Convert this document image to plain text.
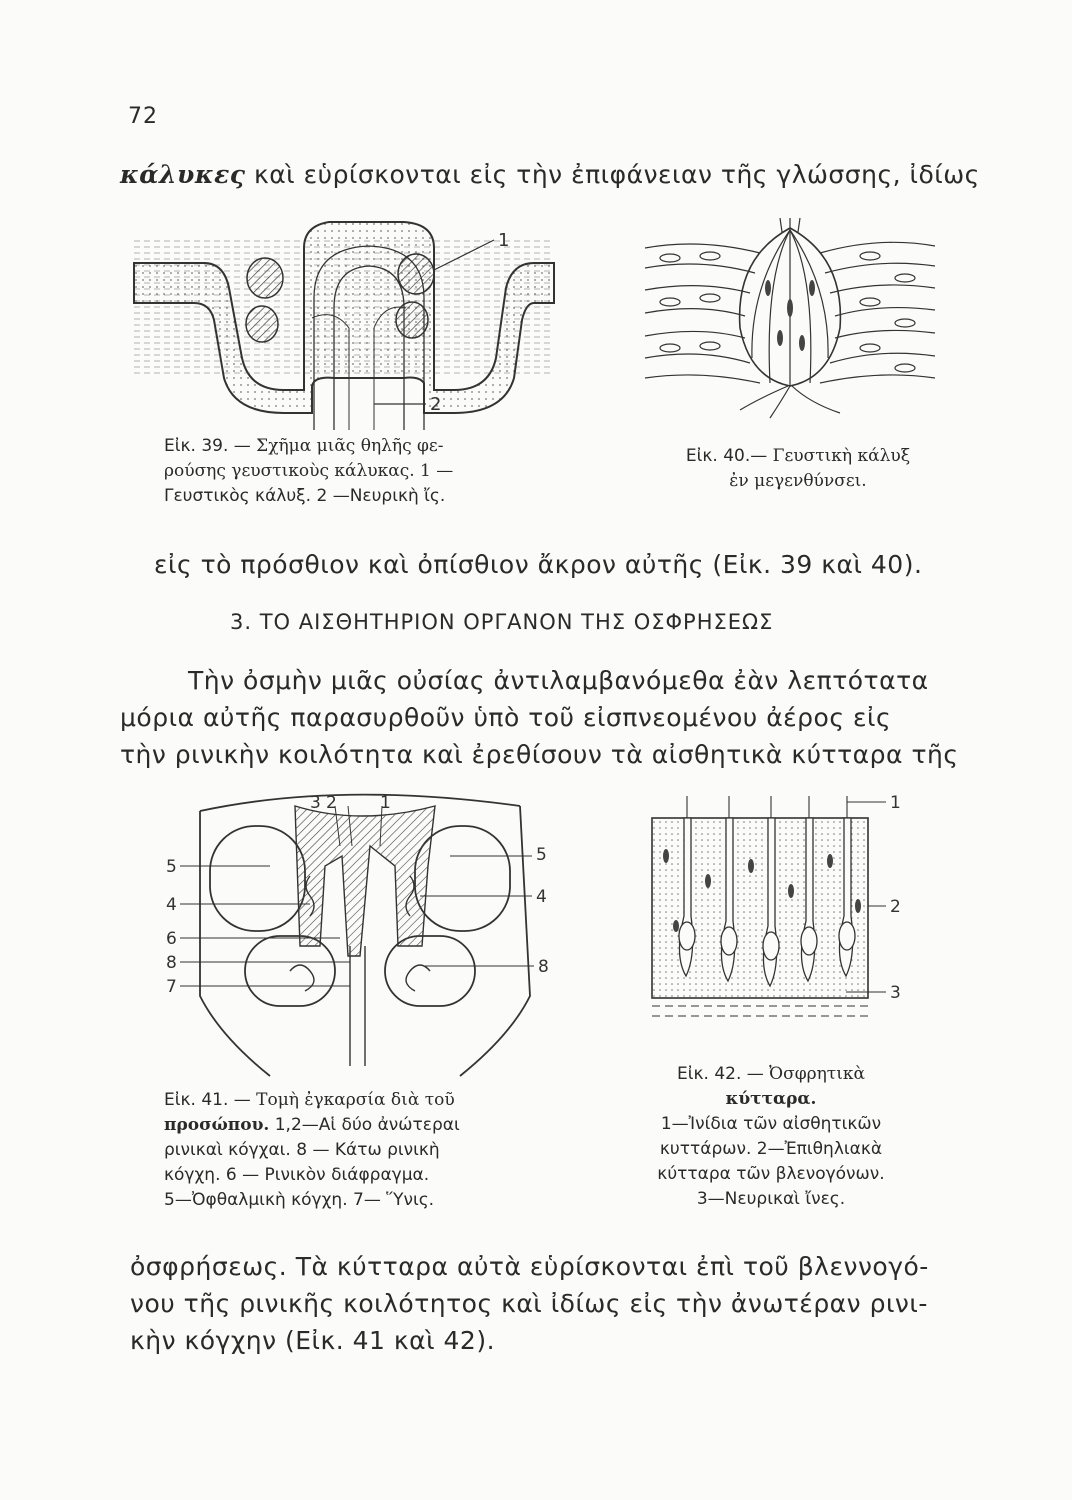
72
κάλυκες καὶ εὑρίσκονται εἰς τὴν ἐπιφάνειαν τῆς γλώσσης, ἰδίως
1
2
Εἰκ. 39. — Σχῆμα μιᾶς θηλῆς φε-
ρούσης γευστικοὺς κάλυκας. 1 —
Γευστικὸς κάλυξ. 2 —Νευρικὴ ἴς.
Εἰκ. 40.— Γευστικὴ κάλυξ
ἐν μεγενθύνσει.
εἰς τὸ πρόσθιον καὶ ὀπίσθιον ἄκρον αὐτῆς (Εἰκ. 39 καὶ 40).
3. ΤΟ ΑΙΣΘΗΤΗΡΙΟΝ ΟΡΓΑΝΟΝ ΤΗΣ ΟΣΦΡΗΣΕΩΣ
Τὴν ὀσμὴν μιᾶς οὐσίας ἀντιλαμβανόμεθα ἐὰν λεπτότατα
μόρια αὐτῆς παρασυρθοῦν ὑπὸ τοῦ εἰσπνεομένου ἀέρος εἰς
τὴν ρινικὴν κοιλότητα καὶ ἐρεθίσουν τὰ αἰσθητικὰ κύτταρα τῆς
3 2	1
5
4
6
8
7
5
4
8
Εἰκ. 41. — Τομὴ ἐγκαρσία διὰ τοῦ
προσώπου. 1,2—Αἱ δύο ἀνώτεραι
ρινικαὶ κόγχαι. 8 — Κάτω ρινικὴ
κόγχη. 6 — Ρινικὸν διάφραγμα.
5—Ὀφθαλμικὴ κόγχη. 7— Ὕνις.
1
2
3
Εἰκ. 42. — Ὀσφρητικὰ
κύτταρα.
1—Ἰνίδια τῶν αἰσθητικῶν
κυττάρων. 2—Ἐπιθηλιακὰ
κύτταρα τῶν βλενογόνων.
3—Νευρικαὶ ἴνες.
ὀσφρήσεως. Τὰ κύτταρα αὐτὰ εὑρίσκονται ἐπὶ τοῦ βλεννογό-
νου τῆς ρινικῆς κοιλότητος καὶ ἰδίως εἰς τὴν ἀνωτέραν ρινι-
κὴν κόγχην (Εἰκ. 41 καὶ 42).
